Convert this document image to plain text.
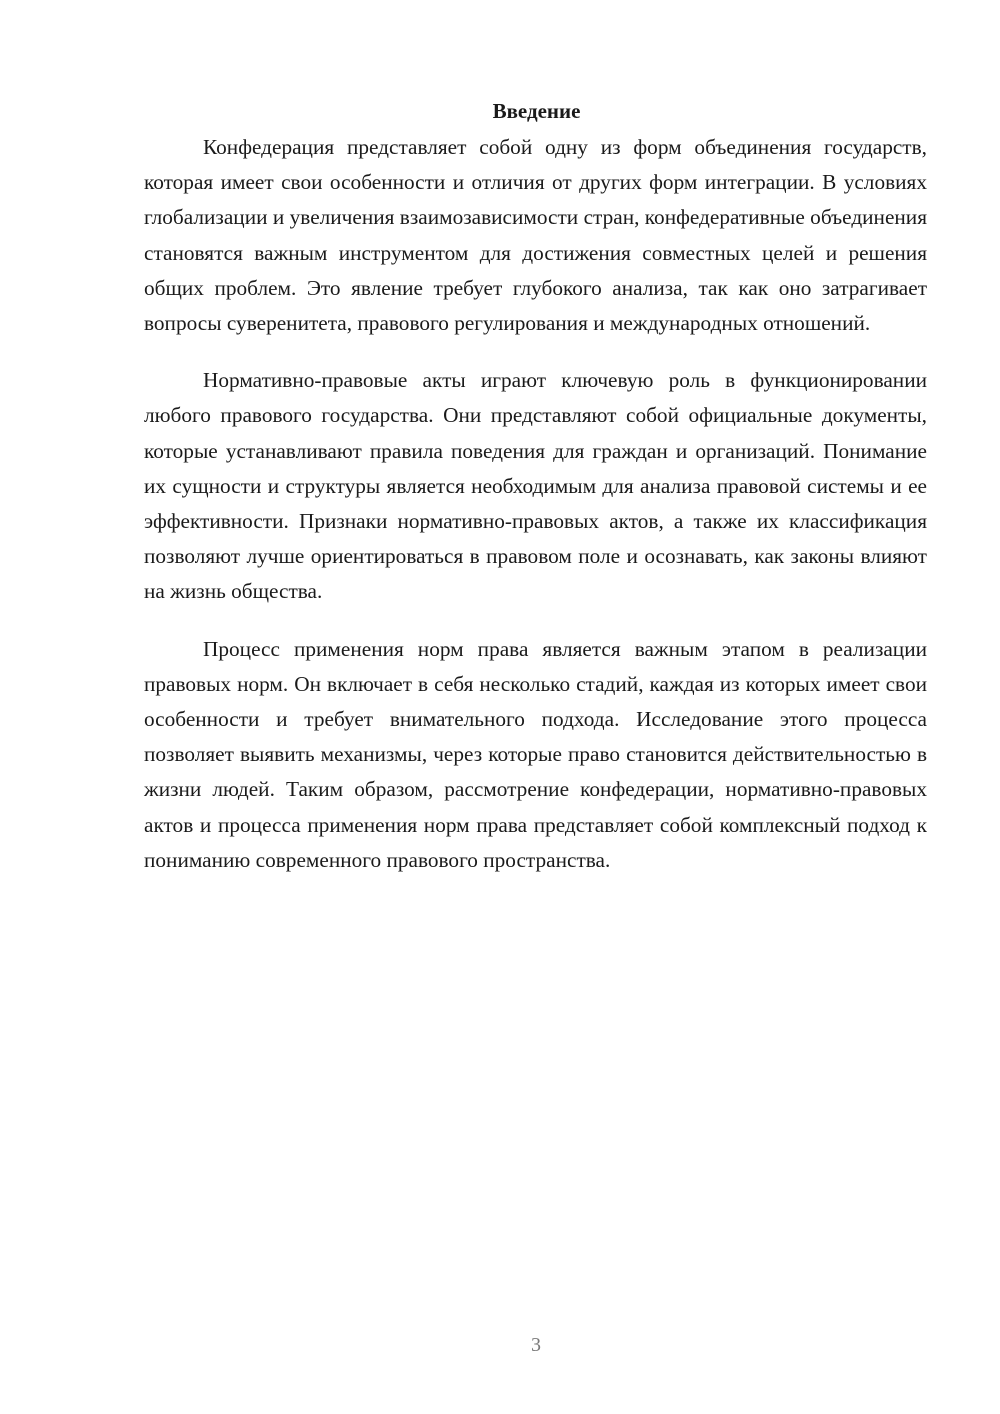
Введение

Конфедерация представляет собой одну из форм объединения государств, которая имеет свои особенности и отличия от других форм интеграции. В условиях глобализации и увеличения взаимозависимости стран, конфедеративные объединения становятся важным инструментом для достижения совместных целей и решения общих проблем. Это явление требует глубокого анализа, так как оно затрагивает вопросы суверенитета, правового регулирования и международных отношений.

Нормативно-правовые акты играют ключевую роль в функционировании любого правового государства. Они представляют собой официальные документы, которые устанавливают правила поведения для граждан и организаций. Понимание их сущности и структуры является необходимым для анализа правовой системы и ее эффективности. Признаки нормативно-правовых актов, а также их классификация позволяют лучше ориентироваться в правовом поле и осознавать, как законы влияют на жизнь общества.

Процесс применения норм права является важным этапом в реализации правовых норм. Он включает в себя несколько стадий, каждая из которых имеет свои особенности и требует внимательного подхода. Исследование этого процесса позволяет выявить механизмы, через которые право становится действительностью в жизни людей. Таким образом, рассмотрение конфедерации, нормативно-правовых актов и процесса применения норм права представляет собой комплексный подход к пониманию современного правового пространства.

3
